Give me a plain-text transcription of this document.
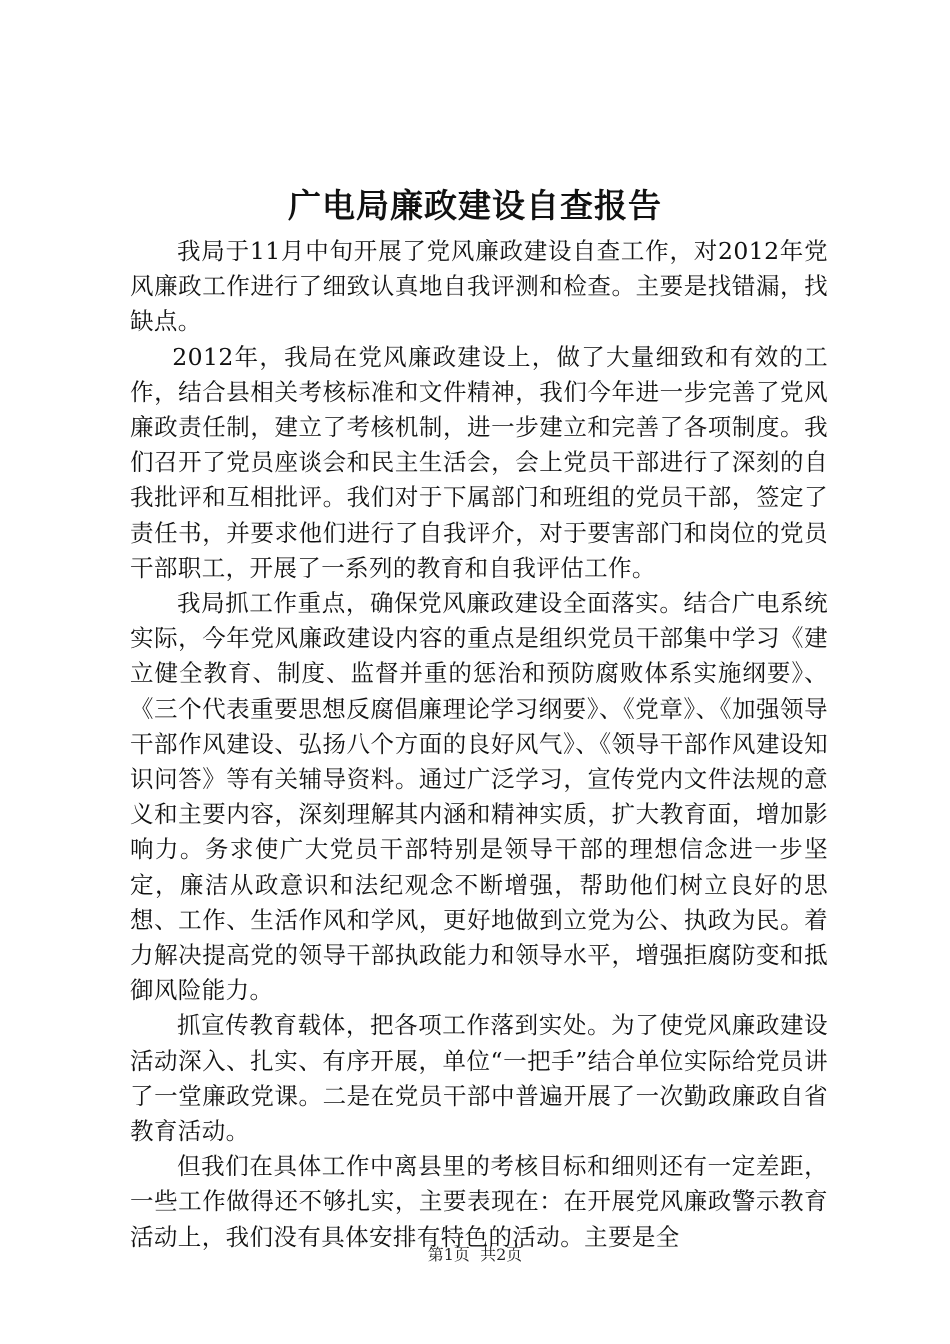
广电局廉政建设自查报告

我局于11月中旬开展了党风廉政建设自查工作，对2012年党风廉政工作进行了细致认真地自我评测和检查。主要是找错漏，找缺点。

2012年，我局在党风廉政建设上，做了大量细致和有效的工作，结合县相关考核标准和文件精神，我们今年进一步完善了党风廉政责任制，建立了考核机制，进一步建立和完善了各项制度。我们召开了党员座谈会和民主生活会，会上党员干部进行了深刻的自我批评和互相批评。我们对于下属部门和班组的党员干部，签定了责任书，并要求他们进行了自我评介，对于要害部门和岗位的党员干部职工，开展了一系列的教育和自我评估工作。

我局抓工作重点，确保党风廉政建设全面落实。结合广电系统实际，今年党风廉政建设内容的重点是组织党员干部集中学习《建立健全教育、制度、监督并重的惩治和预防腐败体系实施纲要》、《三个代表重要思想反腐倡廉理论学习纲要》、《党章》、《加强领导干部作风建设、弘扬八个方面的良好风气》、《领导干部作风建设知识问答》等有关辅导资料。通过广泛学习，宣传党内文件法规的意义和主要内容，深刻理解其内涵和精神实质，扩大教育面，增加影响力。务求使广大党员干部特别是领导干部的理想信念进一步坚定，廉洁从政意识和法纪观念不断增强，帮助他们树立良好的思想、工作、生活作风和学风，更好地做到立党为公、执政为民。着力解决提高党的领导干部执政能力和领导水平，增强拒腐防变和抵御风险能力。

抓宣传教育载体，把各项工作落到实处。为了使党风廉政建设活动深入、扎实、有序开展，单位“一把手”结合单位实际给党员讲了一堂廉政党课。二是在党员干部中普遍开展了一次勤政廉政自省教育活动。

但我们在具体工作中离县里的考核目标和细则还有一定差距，一些工作做得还不够扎实，主要表现在：在开展党风廉政警示教育活动上，我们没有具体安排有特色的活动。主要是全

第1页 共2页
